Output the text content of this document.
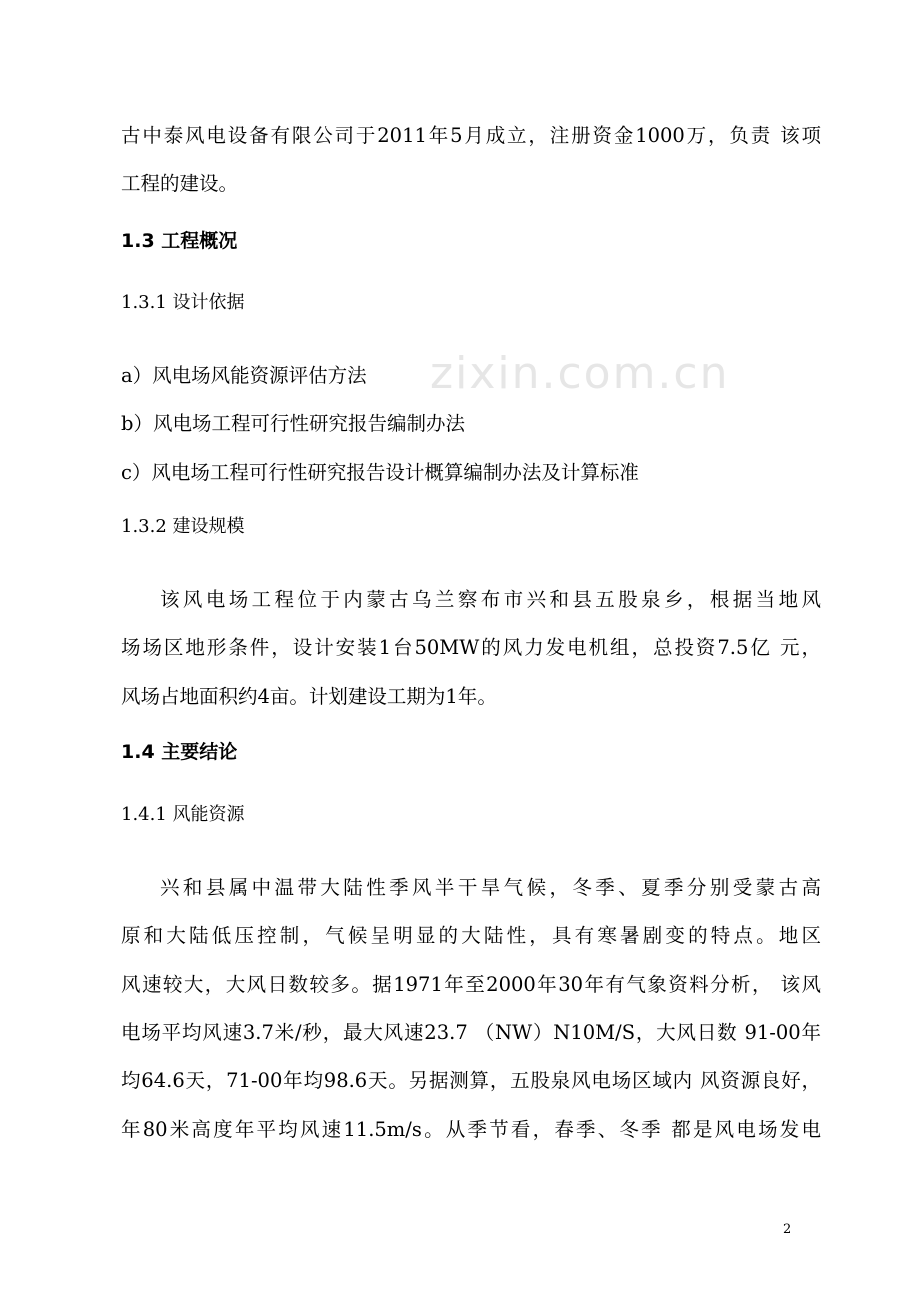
zixin.com.cn
古中泰风电设备有限公司于2011年5月成立，注册资金1000万，负责 该项
工程的建设。
1.3 工程概况
1.3.1 设计依据
a）风电场风能资源评估方法
b）风电场工程可行性研究报告编制办法
c）风电场工程可行性研究报告设计概算编制办法及计算标准
1.3.2 建设规模
该风电场工程位于内蒙古乌兰察布市兴和县五股泉乡，根据当地风
场场区地形条件，设计安装1台50MW的风力发电机组，总投资7.5亿 元，
风场占地面积约4亩。计划建设工期为1年。
1.4 主要结论
1.4.1 风能资源
兴和县属中温带大陆性季风半干旱气候，冬季、夏季分别受蒙古高
原和大陆低压控制，气候呈明显的大陆性，具有寒暑剧变的特点。地区
风速较大，大风日数较多。据1971年至2000年30年有气象资料分析， 该风
电场平均风速3.7米/秒，最大风速23.7 （NW）N10M/S，大风日数 91-00年
均64.6天，71-00年均98.6天。另据测算，五股泉风电场区域内 风资源良好，
年80米高度年平均风速11.5m/s。从季节看，春季、冬季 都是风电场发电
2
